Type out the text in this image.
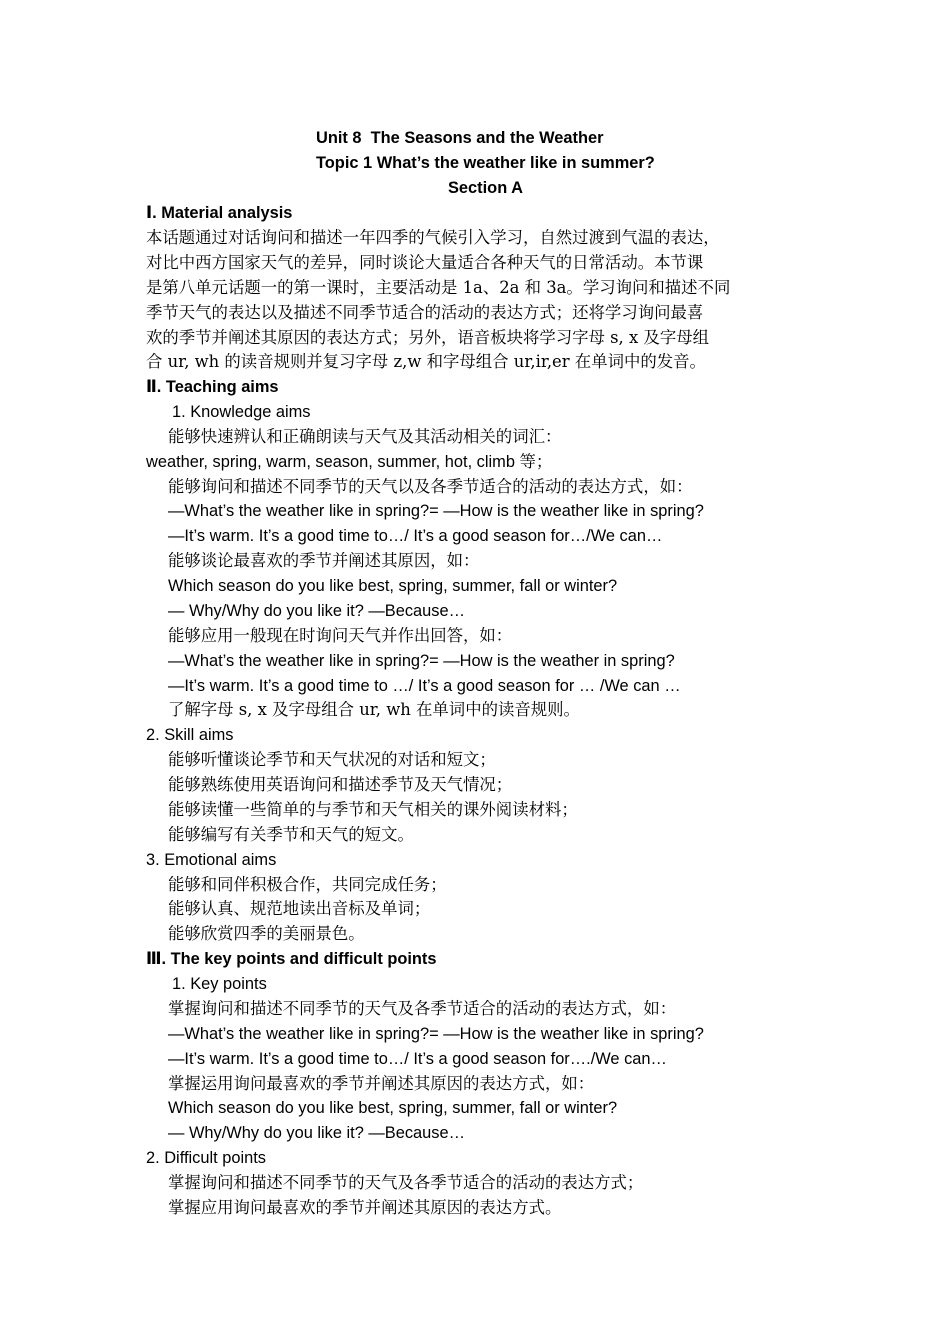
Unit 8  The Seasons and the Weather
Topic 1 What’s the weather like in summer?
Section A
Ⅰ. Material analysis
本话题通过对话询问和描述一年四季的气候引入学习，自然过渡到气温的表达，
对比中西方国家天气的差异，同时谈论大量适合各种天气的日常活动。本节课
是第八单元话题一的第一课时，主要活动是 1a、2a 和 3a。学习询问和描述不同
季节天气的表达以及描述不同季节适合的活动的表达方式；还将学习询问最喜
欢的季节并阐述其原因的表达方式；另外，语音板块将学习字母 s, x 及字母组
合 ur, wh 的读音规则并复习字母 z,w 和字母组合 ur,ir,er 在单词中的发音。
Ⅱ. Teaching aims
1. Knowledge aims
能够快速辨认和正确朗读与天气及其活动相关的词汇：
weather, spring, warm, season, summer, hot, climb 等；
能够询问和描述不同季节的天气以及各季节适合的活动的表达方式，如：
—What’s the weather like in spring?= —How is the weather like in spring?
—It’s warm. It’s a good time to…/ It’s a good season for…/We can…
能够谈论最喜欢的季节并阐述其原因，如：
Which season do you like best, spring, summer, fall or winter?
— Why/Why do you like it? —Because…
能够应用一般现在时询问天气并作出回答，如：
—What’s the weather like in spring?= —How is the weather in spring?
—It’s warm. It’s a good time to …/ It’s a good season for … /We can …
了解字母 s, x 及字母组合 ur, wh 在单词中的读音规则。
2. Skill aims
能够听懂谈论季节和天气状况的对话和短文；
能够熟练使用英语询问和描述季节及天气情况；
能够读懂一些简单的与季节和天气相关的课外阅读材料；
能够编写有关季节和天气的短文。
3. Emotional aims
能够和同伴积极合作，共同完成任务；
能够认真、规范地读出音标及单词；
能够欣赏四季的美丽景色。
Ⅲ. The key points and difficult points
1. Key points
掌握询问和描述不同季节的天气及各季节适合的活动的表达方式，如：
—What’s the weather like in spring?= —How is the weather like in spring?
—It’s warm. It’s a good time to…/ It’s a good season for…./We can…
掌握运用询问最喜欢的季节并阐述其原因的表达方式，如：
Which season do you like best, spring, summer, fall or winter?
— Why/Why do you like it? —Because…
2. Difficult points
掌握询问和描述不同季节的天气及各季节适合的活动的表达方式；
掌握应用询问最喜欢的季节并阐述其原因的表达方式。
